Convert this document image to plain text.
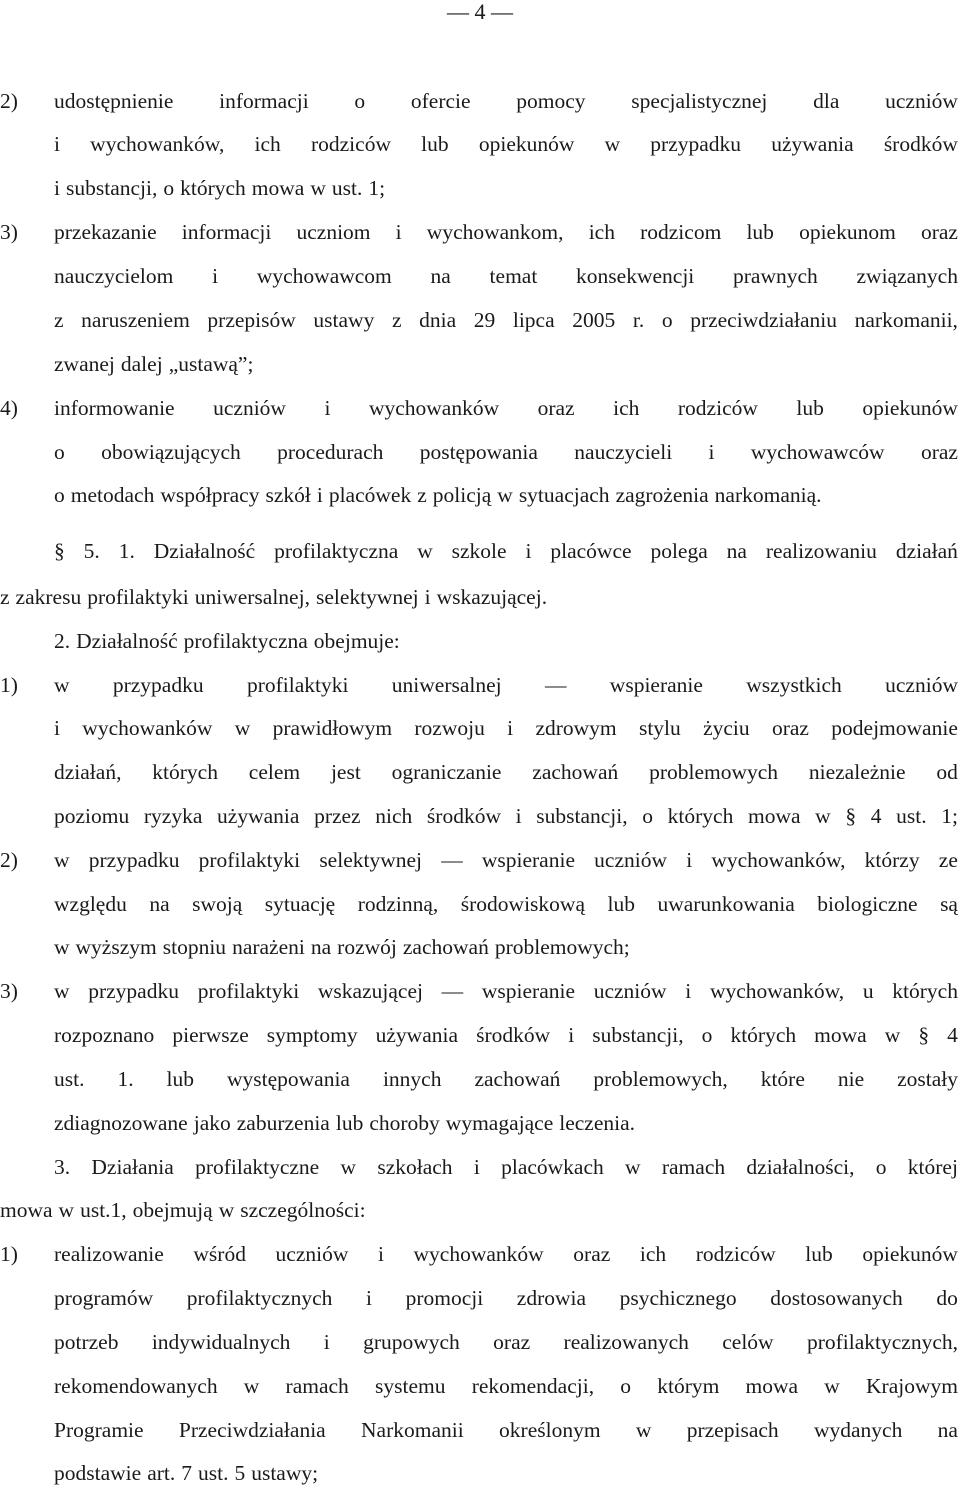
— 4 —
2) udostępnienie informacji o ofercie pomocy specjalistycznej dla uczniów
i wychowanków, ich rodziców lub opiekunów w przypadku używania środków
i substancji, o których mowa w ust. 1;
3) przekazanie informacji uczniom i wychowankom, ich rodzicom lub opiekunom oraz
nauczycielom i wychowawcom na temat konsekwencji prawnych związanych
z naruszeniem przepisów ustawy z dnia 29 lipca 2005 r. o przeciwdziałaniu narkomanii,
zwanej dalej „ustawą”;
4) informowanie uczniów i wychowanków oraz ich rodziców lub opiekunów
o obowiązujących procedurach postępowania nauczycieli i wychowawców oraz
o metodach współpracy szkół i placówek z policją w sytuacjach zagrożenia narkomanią.
§ 5. 1. Działalność profilaktyczna w szkole i placówce polega na realizowaniu działań
z zakresu profilaktyki uniwersalnej, selektywnej i wskazującej.
2. Działalność profilaktyczna obejmuje:
1) w przypadku profilaktyki uniwersalnej — wspieranie wszystkich uczniów
i wychowanków w prawidłowym rozwoju i zdrowym stylu życiu oraz podejmowanie
działań, których celem jest ograniczanie zachowań problemowych niezależnie od
poziomu ryzyka używania przez nich środków i substancji, o których mowa w § 4 ust. 1;
2) w przypadku profilaktyki selektywnej — wspieranie uczniów i wychowanków, którzy ze
względu na swoją sytuację rodzinną, środowiskową lub uwarunkowania biologiczne są
w wyższym stopniu narażeni na rozwój zachowań problemowych;
3) w przypadku profilaktyki wskazującej — wspieranie uczniów i wychowanków, u których
rozpoznano pierwsze symptomy używania środków i substancji, o których mowa w § 4
ust. 1. lub występowania innych zachowań problemowych, które nie zostały
zdiagnozowane jako zaburzenia lub choroby wymagające leczenia.
3. Działania profilaktyczne w szkołach i placówkach w ramach działalności, o której
mowa w ust.1, obejmują w szczególności:
1) realizowanie wśród uczniów i wychowanków oraz ich rodziców lub opiekunów
programów profilaktycznych i promocji zdrowia psychicznego dostosowanych do
potrzeb indywidualnych i grupowych oraz realizowanych celów profilaktycznych,
rekomendowanych w ramach systemu rekomendacji, o którym mowa w Krajowym
Programie Przeciwdziałania Narkomanii określonym w przepisach wydanych na
podstawie art. 7 ust. 5 ustawy;
